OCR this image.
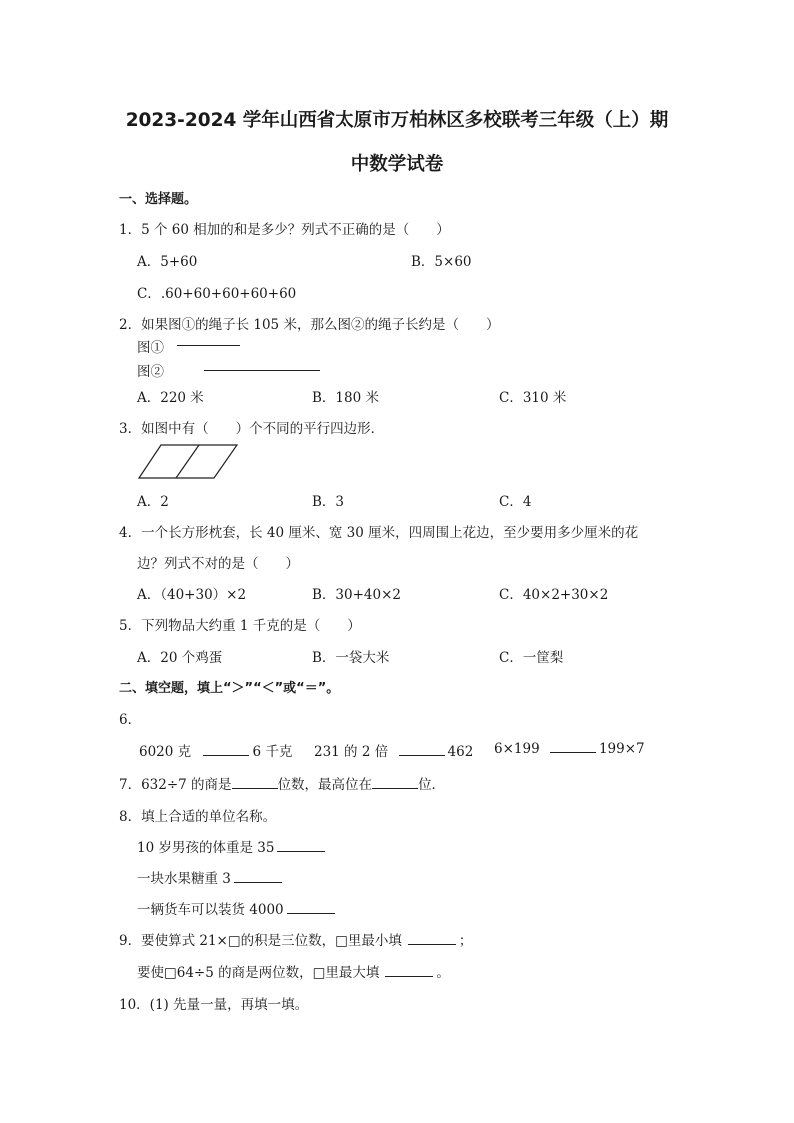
2023-2024 学年山西省太原市万柏林区多校联考三年级（上）期
中数学试卷
一、选择题。
1．5 个 60 相加的和是多少？列式不正确的是（　　）
A．5+60	B．5×60
C．.60+60+60+60+60
2．如果图①的绳子长 105 米，那么图②的绳子长约是（　　）
图①
图②
A．220 米	B．180 米	C．310 米
3．如图中有（　　）个不同的平行四边形．
A．2	B．3	C．4
4．一个长方形枕套，长 40 厘米、宽 30 厘米，四周围上花边，至少要用多少厘米的花
边？列式不对的是（　　）
A．（40+30）×2	B．30+40×2	C．40×2+30×2
5．下列物品大约重 1 千克的是（　　）
A．20 个鸡蛋	B．一袋大米	C．一筐梨
二、填空题，填上“＞”“＜”或“＝”。
6．
6020 克	6 千克 231 的 2 倍	462 6×199	199×7
7．632÷7 的商是	位数，最高位在	位．
8．填上合适的单位名称。
10 岁男孩的体重是 35
一块水果糖重 3
一辆货车可以装货 4000
9．要使算式 21×□的积是三位数，□里最小填	；
要使□64÷5 的商是两位数，□里最大填	。
10．(1) 先量一量，再填一填。
